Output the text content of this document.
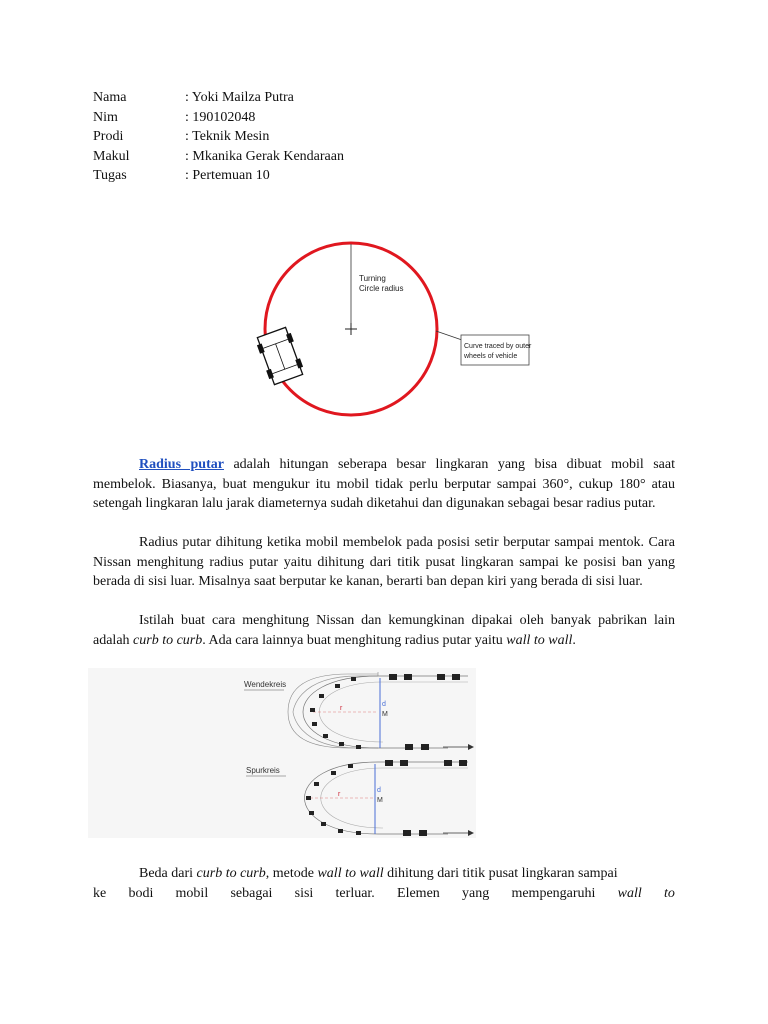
Nama	: Yoki Mailza Putra
Nim	: 190102048
Prodi	: Teknik Mesin
Makul	: Mkanika Gerak Kendaraan
Tugas	: Pertemuan 10
Turning
Circle radius
Curve traced by outer
wheels of vehicle
Radius putar adalah hitungan seberapa besar lingkaran yang bisa dibuat mobil saat membelok. Biasanya, buat mengukur itu mobil tidak perlu berputar sampai 360°, cukup 180° atau setengah lingkaran lalu jarak diameternya sudah diketahui dan digunakan sebagai besar radius putar.
Radius putar dihitung ketika mobil membelok pada posisi setir berputar sampai mentok. Cara Nissan menghitung radius putar yaitu dihitung dari titik pusat lingkaran sampai ke posisi ban yang berada di sisi luar. Misalnya saat berputar ke kanan, berarti ban depan kiri yang berada di sisi luar.
Istilah buat cara menghitung Nissan dan kemungkinan dipakai oleh banyak pabrikan lain adalah curb to curb. Ada cara lainnya buat menghitung radius putar yaitu wall to wall.
Wendekreis
r
d
M
Spurkreis
r
d
M
Beda dari curb to curb, metode wall to wall dihitung dari titik pusat lingkaran sampai
ke bodi mobil sebagai sisi terluar. Elemen yang mempengaruhi wall to
